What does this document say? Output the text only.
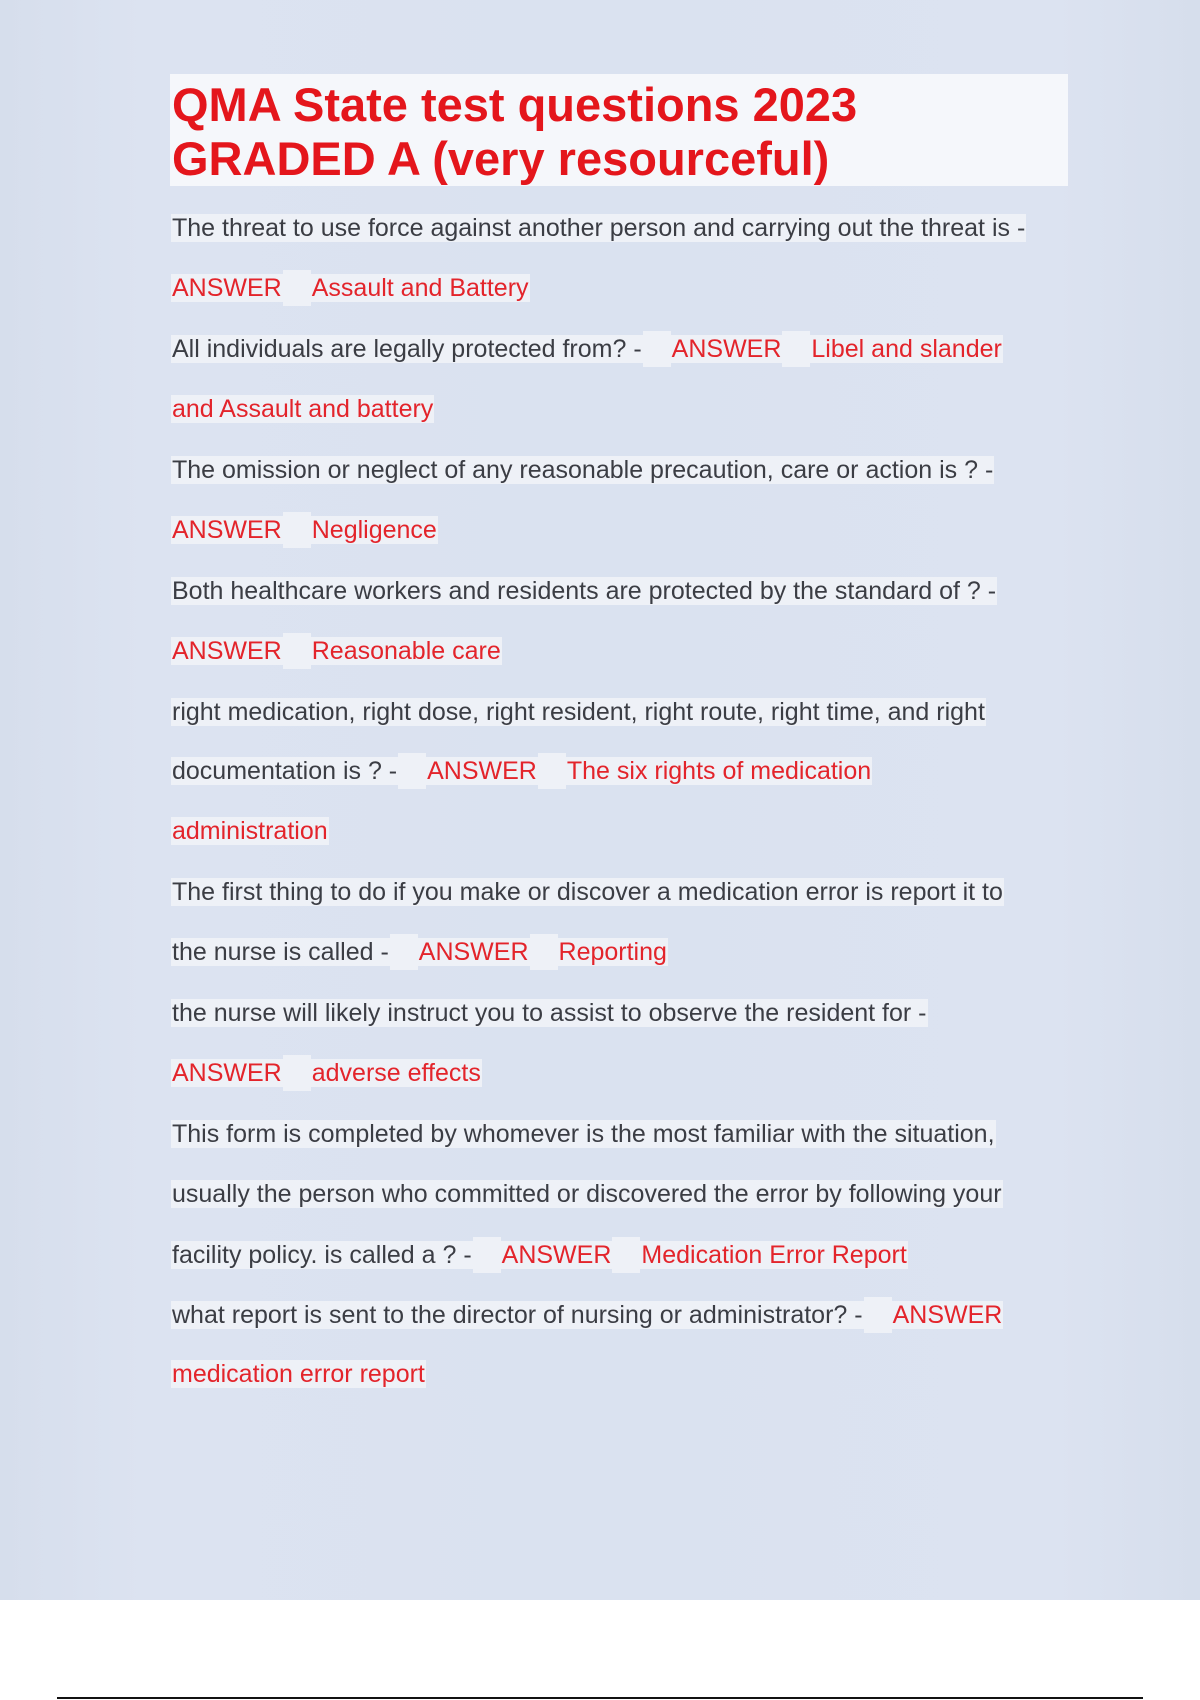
QMA State test questions 2023
GRADED A (very resourceful)
The threat to use force against another person and carrying out the threat is -
ANSWER Assault and Battery
All individuals are legally protected from? - ANSWER Libel and slander
and Assault and battery
The omission or neglect of any reasonable precaution, care or action is ? -
ANSWER Negligence
Both healthcare workers and residents are protected by the standard of ? -
ANSWER Reasonable care
right medication, right dose, right resident, right route, right time, and right
documentation is ? - ANSWER The six rights of medication
administration
The first thing to do if you make or discover a medication error is report it to
the nurse is called - ANSWER Reporting
the nurse will likely instruct you to assist to observe the resident for -
ANSWER adverse effects
This form is completed by whomever is the most familiar with the situation,
usually the person who committed or discovered the error by following your
facility policy. is called a ? - ANSWER Medication Error Report
what report is sent to the director of nursing or administrator? - ANSWER
medication error report
